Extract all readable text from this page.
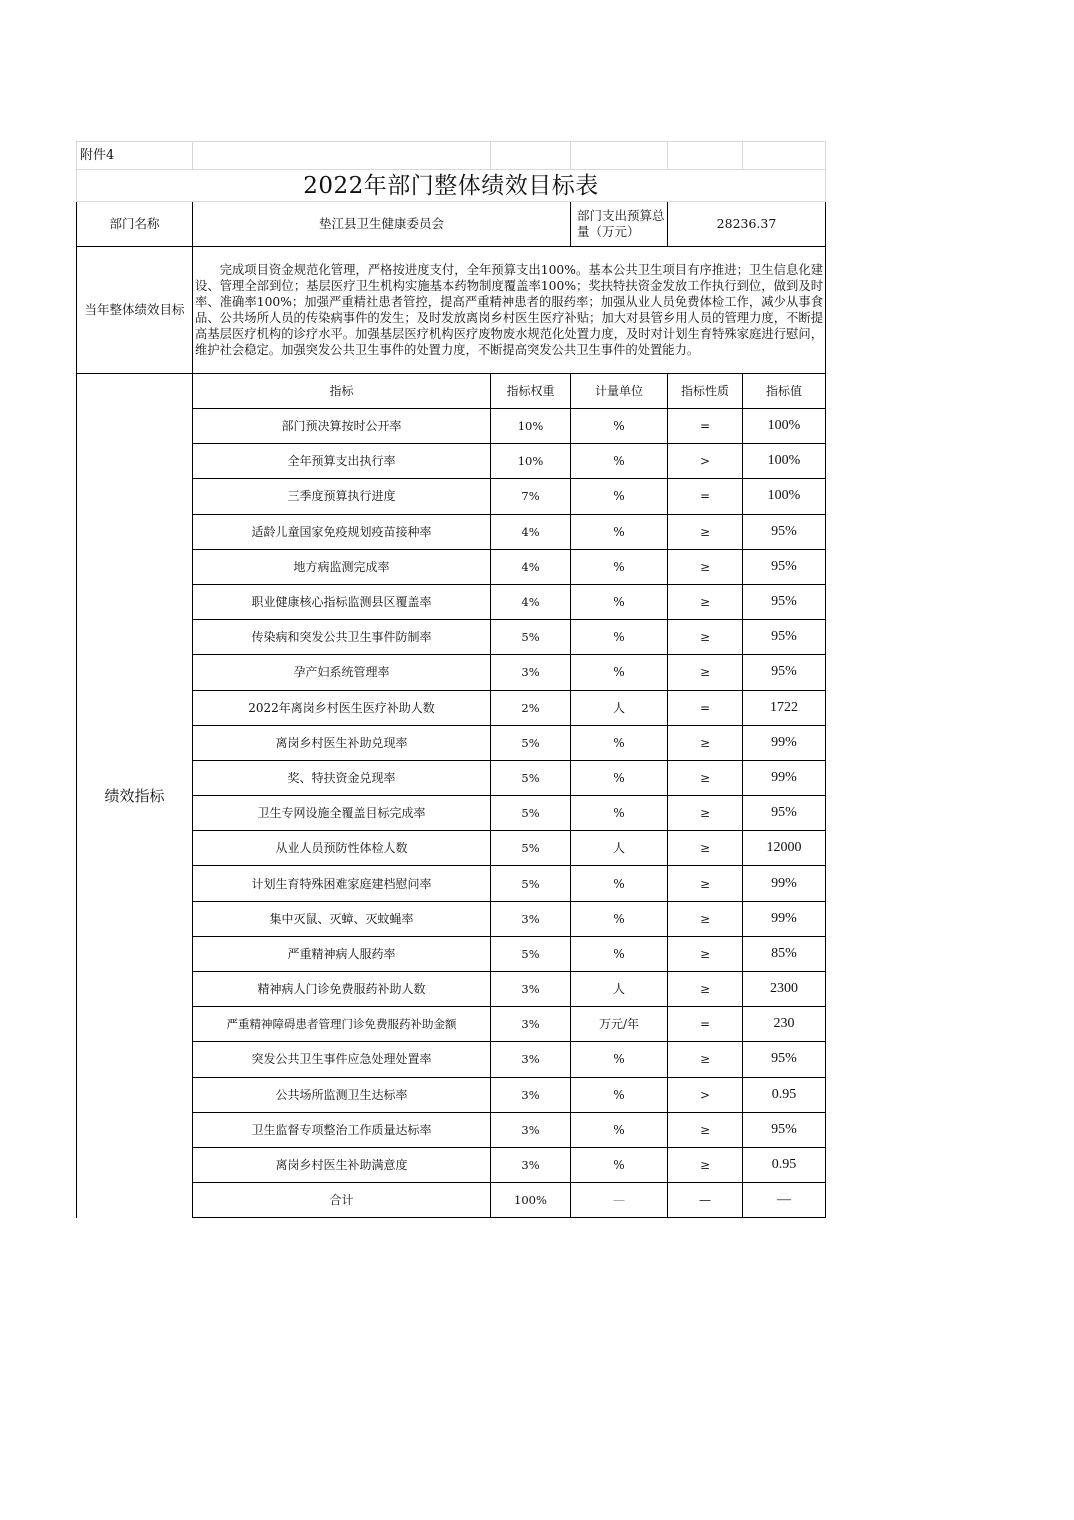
附件4					
2022年部门整体绩效目标表					
部门名称	垫江县卫生健康委员会		部门支出预算总量（万元）	28236.37	
当年整体绩效目标	完成项目资金规范化管理，严格按进度支付，全年预算支出100%。基本公共卫生项目有序推进；卫生信息化建设、管理全部到位；基层医疗卫生机构实施基本药物制度覆盖率100%；奖扶特扶资金发放工作执行到位，做到及时率、准确率100%；加强严重精社患者管控，提高严重精神患者的服药率；加强从业人员免费体检工作，减少从事食品、公共场所人员的传染病事件的发生；及时发放离岗乡村医生医疗补贴；加大对县管乡用人员的管理力度，不断提高基层医疗机构的诊疗水平。加强基层医疗机构医疗废物废水规范化处置力度，及时对计划生育特殊家庭进行慰问，维护社会稳定。加强突发公共卫生事件的处置力度，不断提高突发公共卫生事件的处置能力。				
绩效指标	指标	指标权重	计量单位	指标性质	指标值
	部门预决算按时公开率	10%	%	=	100%
	全年预算支出执行率	10%	%	>	100%
	三季度预算执行进度	7%	%	=	100%
	适龄儿童国家免疫规划疫苗接种率	4%	%	≥	95%
	地方病监测完成率	4%	%	≥	95%
	职业健康核心指标监测县区覆盖率	4%	%	≥	95%
	传染病和突发公共卫生事件防制率	5%	%	≥	95%
	孕产妇系统管理率	3%	%	≥	95%
	2022年离岗乡村医生医疗补助人数	2%	人	=	1722
	离岗乡村医生补助兑现率	5%	%	≥	99%
	奖、特扶资金兑现率	5%	%	≥	99%
	卫生专网设施全覆盖目标完成率	5%	%	≥	95%
	从业人员预防性体检人数	5%	人	≥	12000
	计划生育特殊困难家庭建档慰问率	5%	%	≥	99%
	集中灭鼠、灭蟑、灭蚊蝇率	3%	%	≥	99%
	严重精神病人服药率	5%	%	≥	85%
	精神病人门诊免费服药补助人数	3%	人	≥	2300
	严重精神障碍患者管理门诊免费服药补助金额	3%	万元/年	=	230
	突发公共卫生事件应急处理处置率	3%	%	≥	95%
	公共场所监测卫生达标率	3%	%	>	0.95
	卫生监督专项整治工作质量达标率	3%	%	≥	95%
	离岗乡村医生补助满意度	3%	%	≥	0.95
	合计	100%	—	—	—
